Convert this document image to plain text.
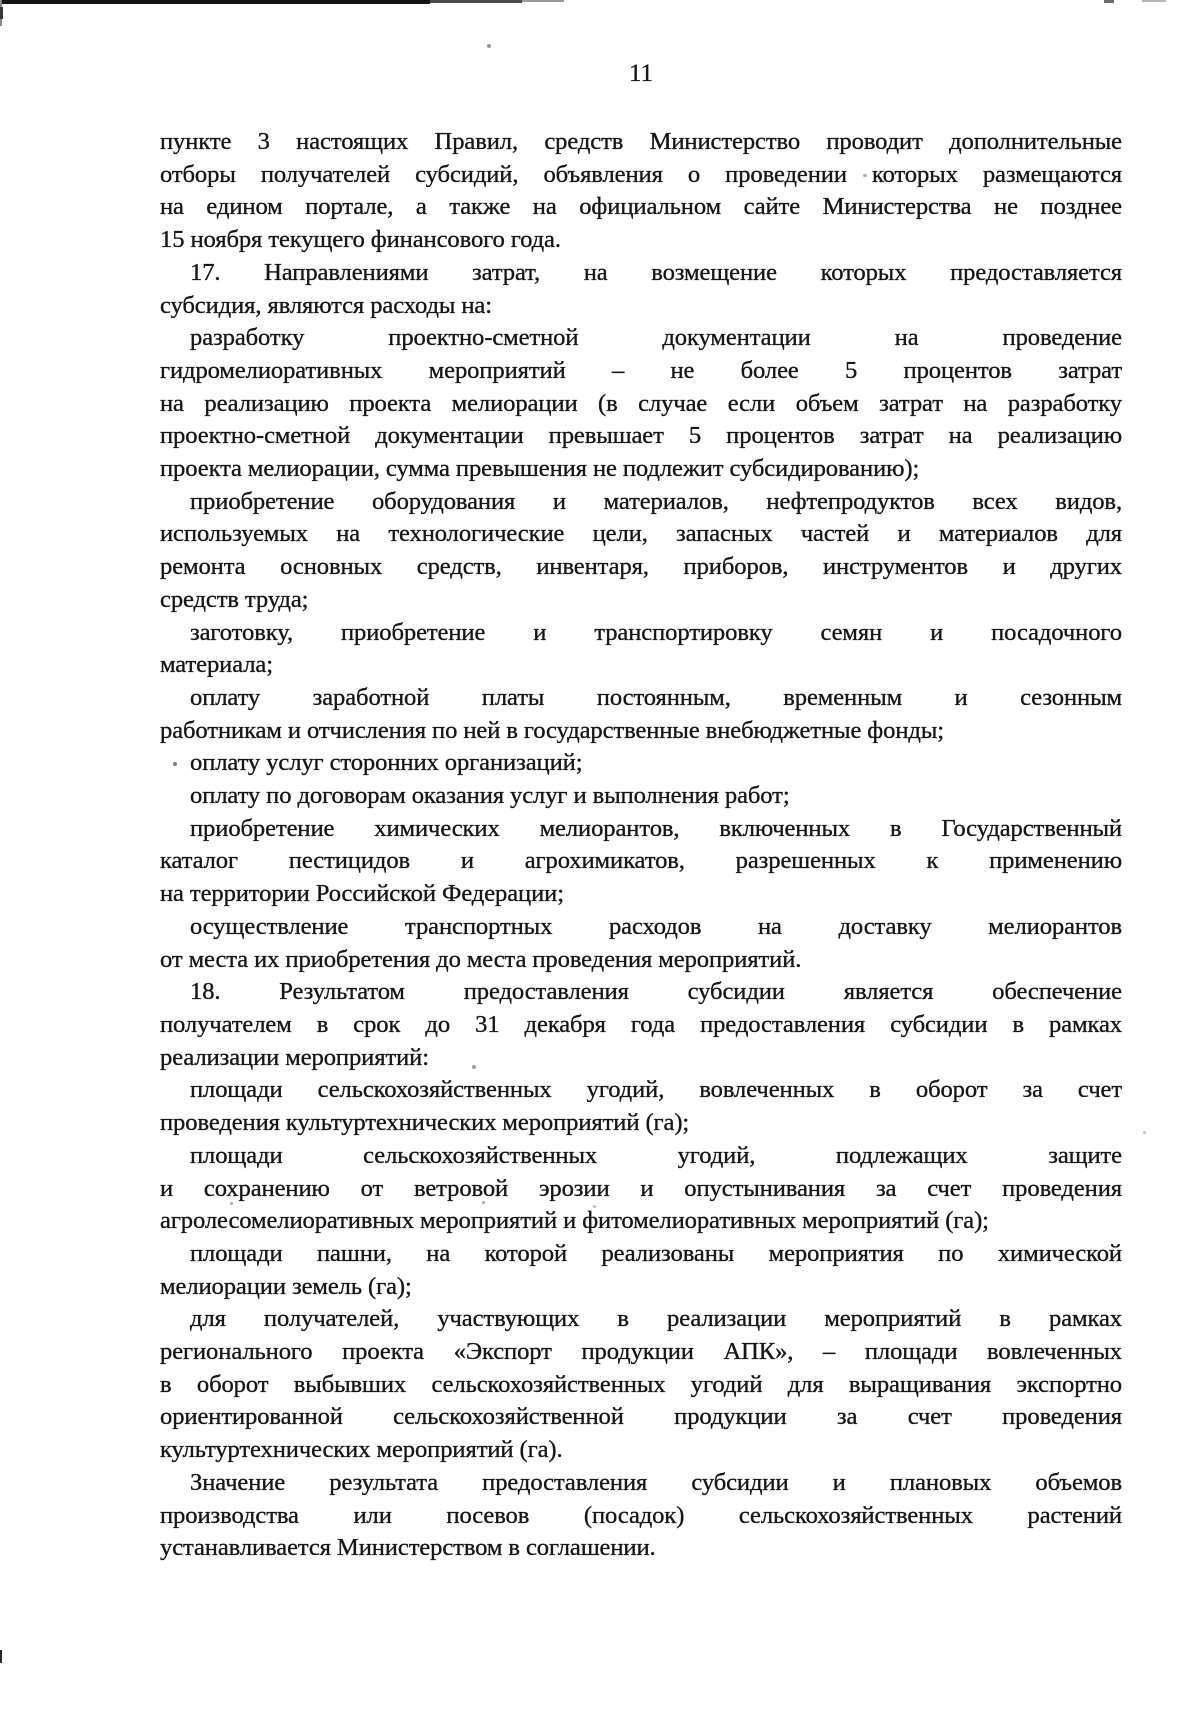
11
пункте 3 настоящих Правил, средств Министерство проводит дополнительные
отборы получателей субсидий, объявления о проведении которых размещаются
на едином портале, а также на официальном сайте Министерства не позднее
15 ноября текущего финансового года.
17. Направлениями затрат, на возмещение которых предоставляется
субсидия, являются расходы на:
разработку проектно-сметной документации на проведение
гидромелиоративных мероприятий – не более 5 процентов затрат
на реализацию проекта мелиорации (в случае если объем затрат на разработку
проектно-сметной документации превышает 5 процентов затрат на реализацию
проекта мелиорации, сумма превышения не подлежит субсидированию);
приобретение оборудования и материалов, нефтепродуктов всех видов,
используемых на технологические цели, запасных частей и материалов для
ремонта основных средств, инвентаря, приборов, инструментов и других
средств труда;
заготовку, приобретение и транспортировку семян и посадочного
материала;
оплату заработной платы постоянным, временным и сезонным
работникам и отчисления по ней в государственные внебюджетные фонды;
оплату услуг сторонних организаций;
оплату по договорам оказания услуг и выполнения работ;
приобретение химических мелиорантов, включенных в Государственный
каталог пестицидов и агрохимикатов, разрешенных к применению
на территории Российской Федерации;
осуществление транспортных расходов на доставку мелиорантов
от места их приобретения до места проведения мероприятий.
18. Результатом предоставления субсидии является обеспечение
получателем в срок до 31 декабря года предоставления субсидии в рамках
реализации мероприятий:
площади сельскохозяйственных угодий, вовлеченных в оборот за счет
проведения культуртехнических мероприятий (га);
площади сельскохозяйственных угодий, подлежащих защите
и сохранению от ветровой эрозии и опустынивания за счет проведения
агролесомелиоративных мероприятий и фитомелиоративных мероприятий (га);
площади пашни, на которой реализованы мероприятия по химической
мелиорации земель (га);
для получателей, участвующих в реализации мероприятий в рамках
регионального проекта «Экспорт продукции АПК», – площади вовлеченных
в оборот выбывших сельскохозяйственных угодий для выращивания экспортно
ориентированной сельскохозяйственной продукции за счет проведения
культуртехнических мероприятий (га).
Значение результата предоставления субсидии и плановых объемов
производства или посевов (посадок) сельскохозяйственных растений
устанавливается Министерством в соглашении.
